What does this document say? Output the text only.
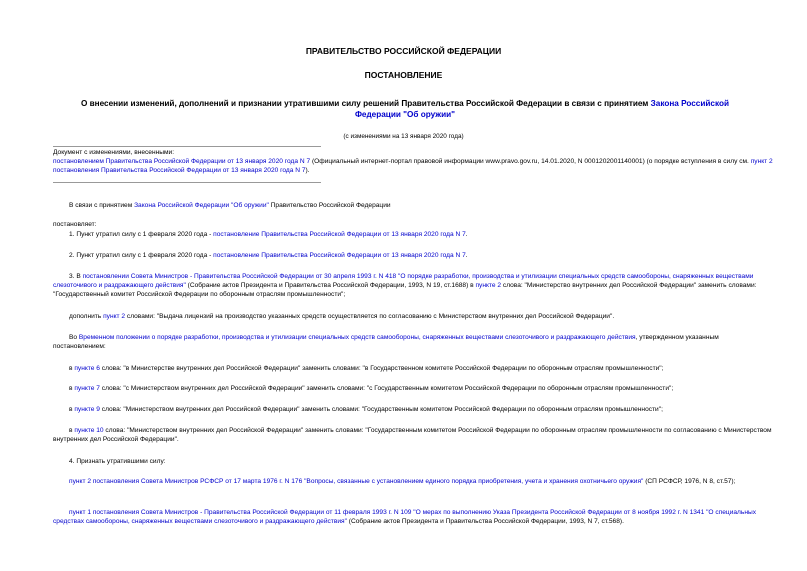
ПРАВИТЕЛЬСТВО РОССИЙСКОЙ ФЕДЕРАЦИИ
ПОСТАНОВЛЕНИЕ
О внесении изменений, дополнений и признании утратившими силу решений Правительства Российской Федерации в связи с принятием Закона Российской Федерации "Об оружии"
(с изменениями на 13 января 2020 года)
Документ с изменениями, внесенными:
постановлением Правительства Российской Федерации от 13 января 2020 года N 7 (Официальный интернет-портал правовой информации www.pravo.gov.ru, 14.01.2020, N 0001202001140001) (о порядке вступления в силу см. пункт 2 постановления Правительства Российской Федерации от 13 января 2020 года N 7).
В связи с принятием Закона Российской Федерации "Об оружии" Правительство Российской Федерации
постановляет:
1. Пункт утратил силу с 1 февраля 2020 года - постановление Правительства Российской Федерации от 13 января 2020 года N 7.
2. Пункт утратил силу с 1 февраля 2020 года - постановление Правительства Российской Федерации от 13 января 2020 года N 7.
3. В постановлении Совета Министров - Правительства Российской Федерации от 30 апреля 1993 г. N 418 "О порядке разработки, производства и утилизации специальных средств самообороны, снаряженных веществами слезоточивого и раздражающего действия" (Собрание актов Президента и Правительства Российской Федерации, 1993, N 19, ст.1688) в пункте 2 слова: "Министерство внутренних дел Российской Федерации" заменить словами: "Государственный комитет Российской Федерации по оборонным отраслям промышленности";
дополнить пункт 2 словами: "Выдача лицензий на производство указанных средств осуществляется по согласованию с Министерством внутренних дел Российской Федерации".
Во Временном положении о порядке разработки, производства и утилизации специальных средств самообороны, снаряженных веществами слезоточивого и раздражающего действия, утвержденном указанным постановлением:
в пункте 6 слова: "в Министерстве внутренних дел Российской Федерации" заменить словами: "в Государственном комитете Российской Федерации по оборонным отраслям промышленности";
в пункте 7 слова: "с Министерством внутренних дел Российской Федерации" заменить словами: "с Государственным комитетом Российской Федерации по оборонным отраслям промышленности";
в пункте 9 слова: "Министерством внутренних дел Российской Федерации" заменить словами: "Государственным комитетом Российской Федерации по оборонным отраслям промышленности";
в пункте 10 слова: "Министерством внутренних дел Российской Федерации" заменить словами: "Государственным комитетом Российской Федерации по оборонным отраслям промышленности по согласованию с Министерством внутренних дел Российской Федерации".
4. Признать утратившими силу:
пункт 2 постановления Совета Министров РСФСР от 17 марта 1976 г. N 176 "Вопросы, связанные с установлением единого порядка приобретения, учета и хранения охотничьего оружия" (СП РСФСР, 1976, N 8, ст.57);
пункт 1 постановления Совета Министров - Правительства Российской Федерации от 11 февраля 1993 г. N 109 "О мерах по выполнению Указа Президента Российской Федерации от 8 ноября 1992 г. N 1341 "О специальных средствах самообороны, снаряженных веществами слезоточивого и раздражающего действия" (Собрание актов Президента и Правительства Российской Федерации, 1993, N 7, ст.568).
